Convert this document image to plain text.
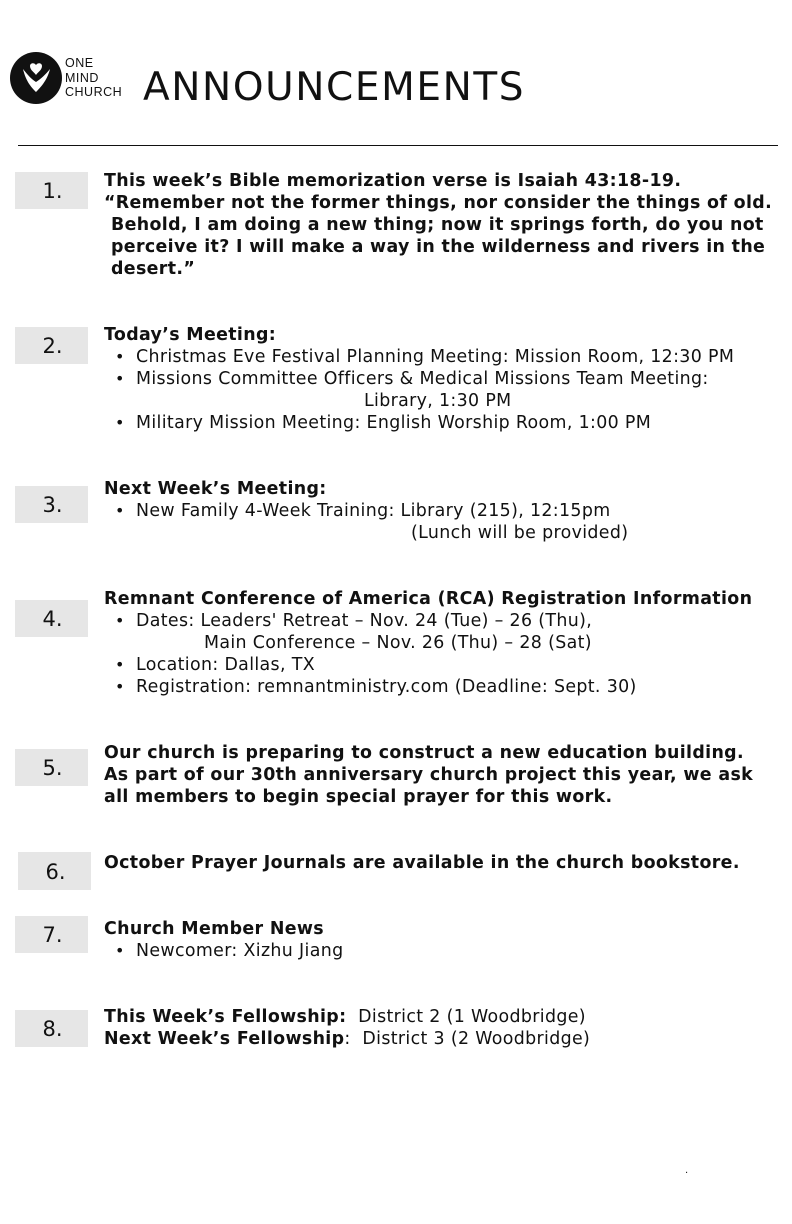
ONE
MIND
CHURCH ANNOUNCEMENTS
1.	This week’s Bible memorization verse is Isaiah 43:18-19.
“Remember not the former things, nor consider the things of old.
Behold, I am doing a new thing; now it springs forth, do you not
perceive it? I will make a way in the wilderness and rivers in the
desert.”
2.	Today’s Meeting:
• Christmas Eve Festival Planning Meeting: Mission Room, 12:30 PM
• Missions Committee Officers & Medical Missions Team Meeting:
Library, 1:30 PM
• Military Mission Meeting: English Worship Room, 1:00 PM
3.
Next Week’s Meeting:
• New Family 4-Week Training: Library (215), 12:15pm
(Lunch will be provided)
4.
Remnant Conference of America (RCA) Registration Information
• Dates: Leaders' Retreat – Nov. 24 (Tue) – 26 (Thu),
Main Conference – Nov. 26 (Thu) – 28 (Sat)
• Location: Dallas, TX
• Registration: remnantministry.com (Deadline: Sept. 30)
5.
Our church is preparing to construct a new education building.
As part of our 30th anniversary church project this year, we ask
all members to begin special prayer for this work.
6.	October Prayer Journals are available in the church bookstore.
7.	Church Member News
• Newcomer: Xizhu Jiang
8.	This Week’s Fellowship: District 2 (1 Woodbridge)
Next Week’s Fellowship: District 3 (2 Woodbridge)
.
